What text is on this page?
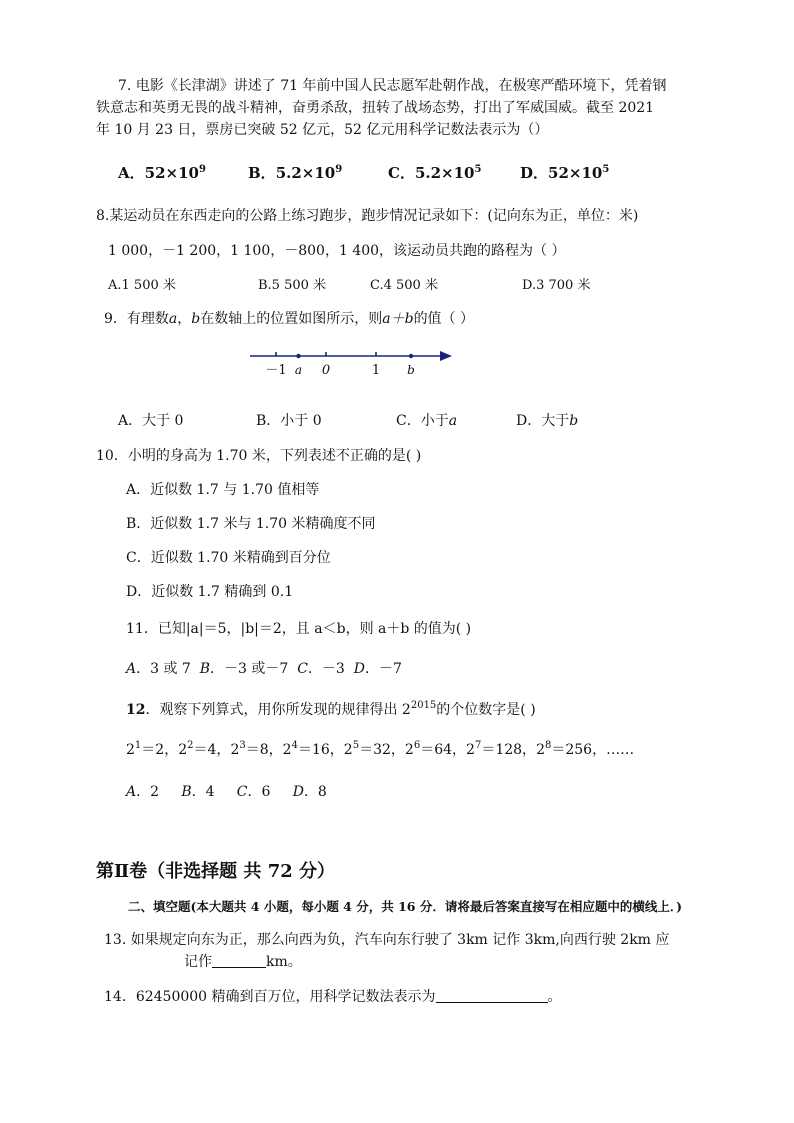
7. 电影《长津湖》讲述了 71 年前中国人民志愿军赴朝作战，在极寒严酷环境下，凭着钢
铁意志和英勇无畏的战斗精神，奋勇杀敌，扭转了战场态势，打出了军威国威。截至 2021
年 10 月 23 日，票房已突破 52 亿元，52 亿元用科学记数法表示为（）
A．$52\times 10^9$	B．$5.2\times 10^9$	C．$5.2\times 10^5$	D．$52\times 10^5$
8.某运动员在东西走向的公路上练习跑步，跑步情况记录如下：(记向东为正，单位：米)
1 000，－1 200，1 100，－800，1 400，该运动员共跑的路程为（ ）
A.1 500 米	B.5 500 米	C.4 500 米	D.3 700 米
9．有理数a，b在数轴上的位置如图所示，则a＋b的值（ ）
－1 a 0	1 b
A．大于 0	B．小于 0	C．小于a	D．大于b
10．小明的身高为 1.70 米，下列表述不正确的是( )
A．近似数 1.7 与 1.70 值相等
B．近似数 1.7 米与 1.70 米精确度不同
C．近似数 1.70 米精确到百分位
D．近似数 1.7 精确到 0.1
11．已知|a|＝5，|b|＝2，且 a＜b，则 a＋b 的值为( )
A．3 或 7 B．－3 或－7 C．－3 D．－7
12．观察下列算式，用你所发现的规律得出 $2^{2015}$的个位数字是( )
$2^1=2$，$2^2=4$，$2^3=8$，$2^4=16$，$2^5=32$，$2^6=64$，$2^7=128$，$2^8=256$，……
A．2 B．4 C．6 D．8
第Ⅱ卷（非选择题 共 72 分）
二、填空题(本大题共 4 小题，每小题 4 分，共 16 分．请将最后答案直接写在相应题中的横线上．)
13. 如果规定向东为正，那么向西为负，汽车向东行驶了 3km 记作 3km,向西行驶 2km 应
记作	km。
14．62450000 精确到百万位，用科学记数法表示为	。
